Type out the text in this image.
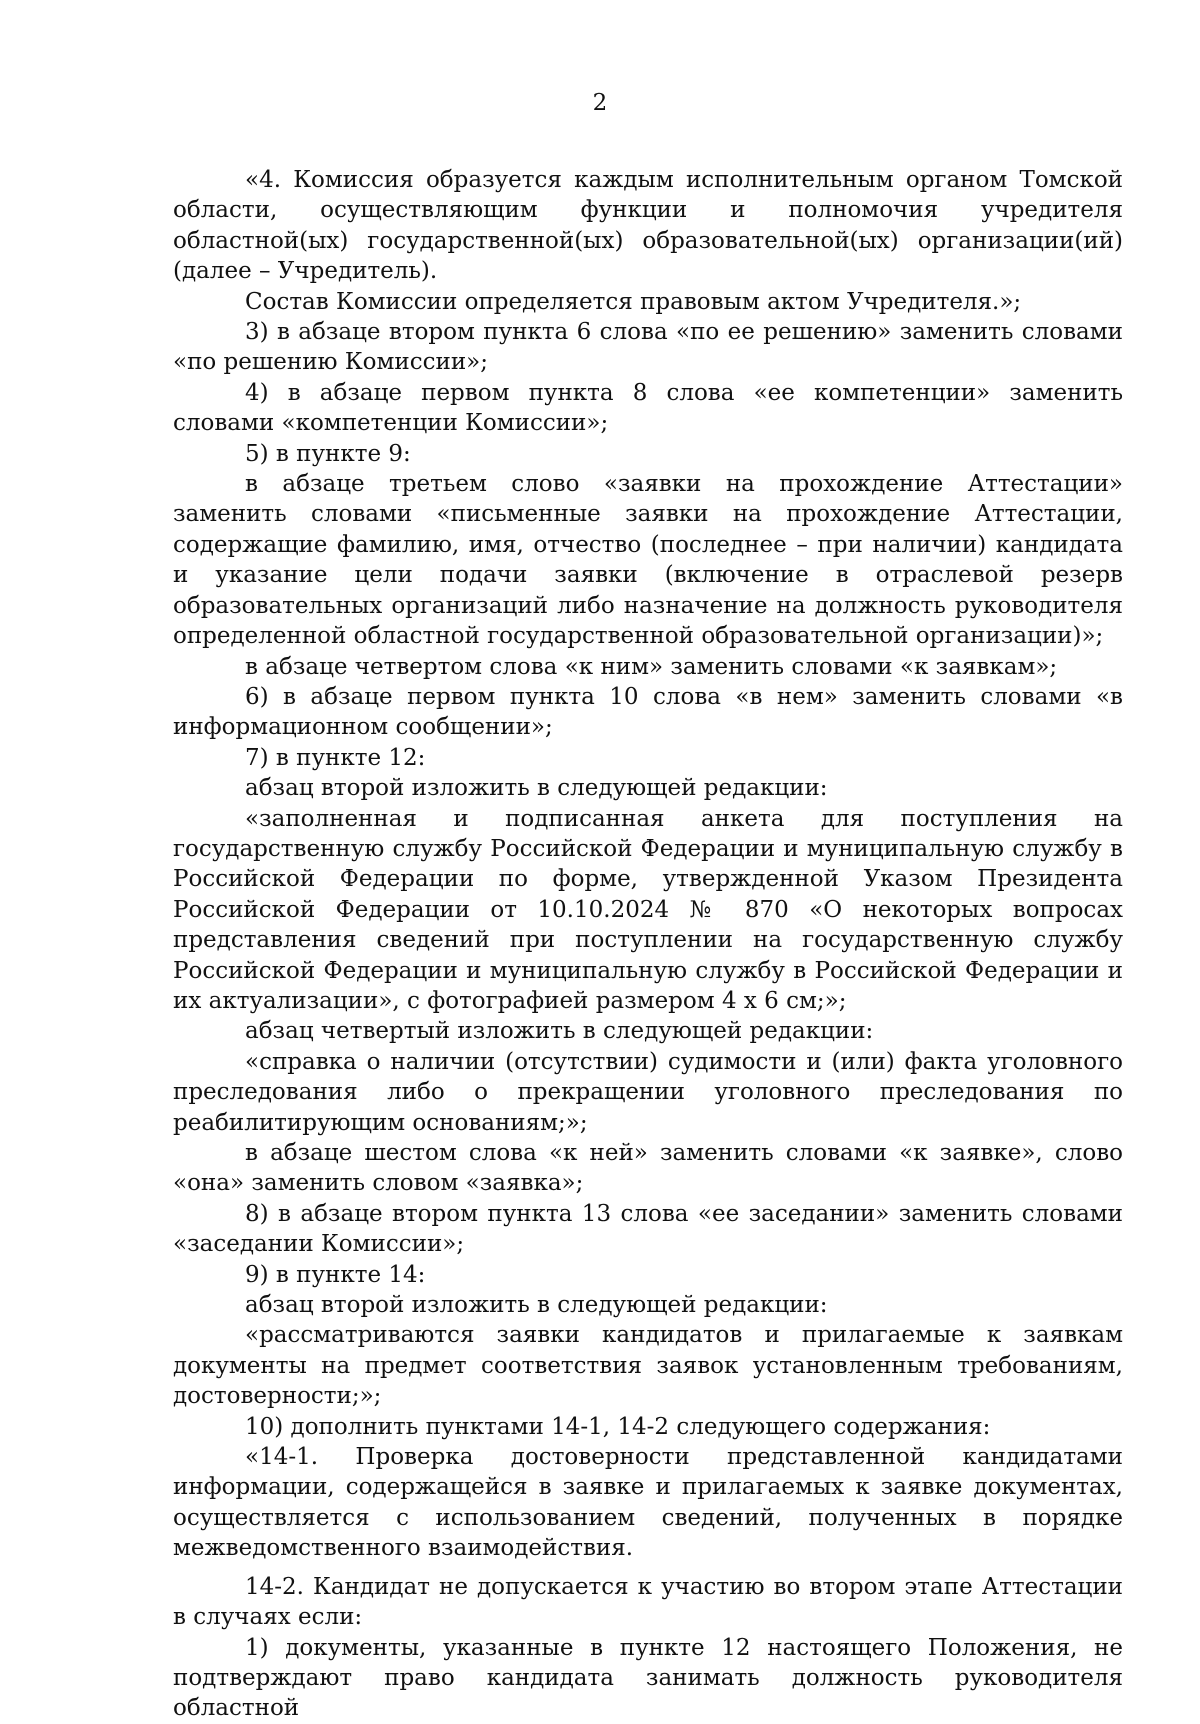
2

«4. Комиссия образуется каждым исполнительным органом Томской области, осуществляющим функции и полномочия учредителя областной(ых) государственной(ых) образовательной(ых) организации(ий) (далее – Учредитель).

Состав Комиссии определяется правовым актом Учредителя.»;

3) в абзаце втором пункта 6 слова «по ее решению» заменить словами «по решению Комиссии»;

4) в абзаце первом пункта 8 слова «ее компетенции» заменить словами «компетенции Комиссии»;

5) в пункте 9:

в абзаце третьем слово «заявки на прохождение Аттестации» заменить словами «письменные заявки на прохождение Аттестации, содержащие фамилию, имя, отчество (последнее – при наличии) кандидата и указание цели подачи заявки (включение в отраслевой резерв образовательных организаций либо назначение на должность руководителя определенной областной государственной образовательной организации)»;

в абзаце четвертом слова «к ним» заменить словами «к заявкам»;

6) в абзаце первом пункта 10 слова «в нем» заменить словами «в информационном сообщении»;

7) в пункте 12:

абзац второй изложить в следующей редакции:

«заполненная и подписанная анкета для поступления на государственную службу Российской Федерации и муниципальную службу в Российской Федерации по форме, утвержденной Указом Президента Российской Федерации от 10.10.2024 № 870 «О некоторых вопросах представления сведений при поступлении на государственную службу Российской Федерации и муниципальную службу в Российской Федерации и их актуализации», с фотографией размером 4 х 6 см;»;

абзац четвертый изложить в следующей редакции:

«справка о наличии (отсутствии) судимости и (или) факта уголовного преследования либо о прекращении уголовного преследования по реабилитирующим основаниям;»;

в абзаце шестом слова «к ней» заменить словами «к заявке», слово «она» заменить словом «заявка»;

8) в абзаце втором пункта 13 слова «ее заседании» заменить словами «заседании Комиссии»;

9) в пункте 14:

абзац второй изложить в следующей редакции:

«рассматриваются заявки кандидатов и прилагаемые к заявкам документы на предмет соответствия заявок установленным требованиям, достоверности;»;

10) дополнить пунктами 14-1, 14-2 следующего содержания:

«14-1. Проверка достоверности представленной кандидатами информации, содержащейся в заявке и прилагаемых к заявке документах, осуществляется с использованием сведений, полученных в порядке межведомственного взаимодействия.

14-2. Кандидат не допускается к участию во втором этапе Аттестации в случаях если:

1) документы, указанные в пункте 12 настоящего Положения, не подтверждают право кандидата занимать должность руководителя областной
